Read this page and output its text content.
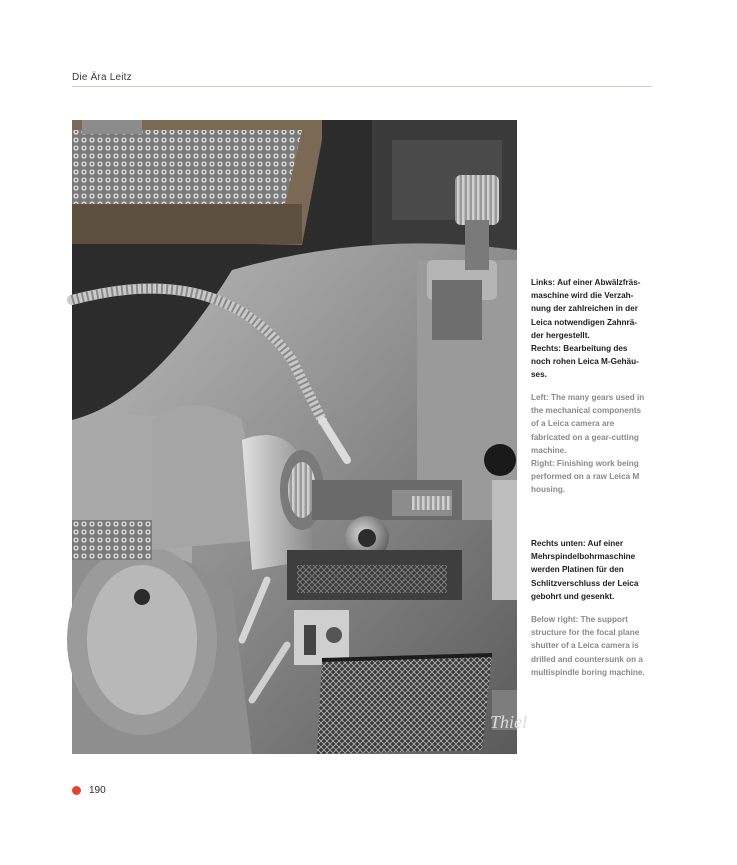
Die Ära Leitz
Thiel

Links: Auf einer Abwälzfräs-

maschine wird die Verzah-

nung der zahlreichen in der

Leica notwendigen Zahnrä-

der hergestellt.

Rechts: Bearbeitung des

noch rohen Leica M-Gehäu-

ses.

Left: The many gears used in

the mechanical components

of a Leica camera are

fabricated on a gear-cutting

machine.

Right: Finishing work being

performed on a raw Leica M

housing.

Rechts unten: Auf einer

Mehrspindelbohrmaschine

werden Platinen für den

Schlitzverschluss der Leica

gebohrt und gesenkt.

Below right: The support

structure for the focal plane

shutter of a Leica camera is

drilled and countersunk on a

multispindle boring machine.

190
